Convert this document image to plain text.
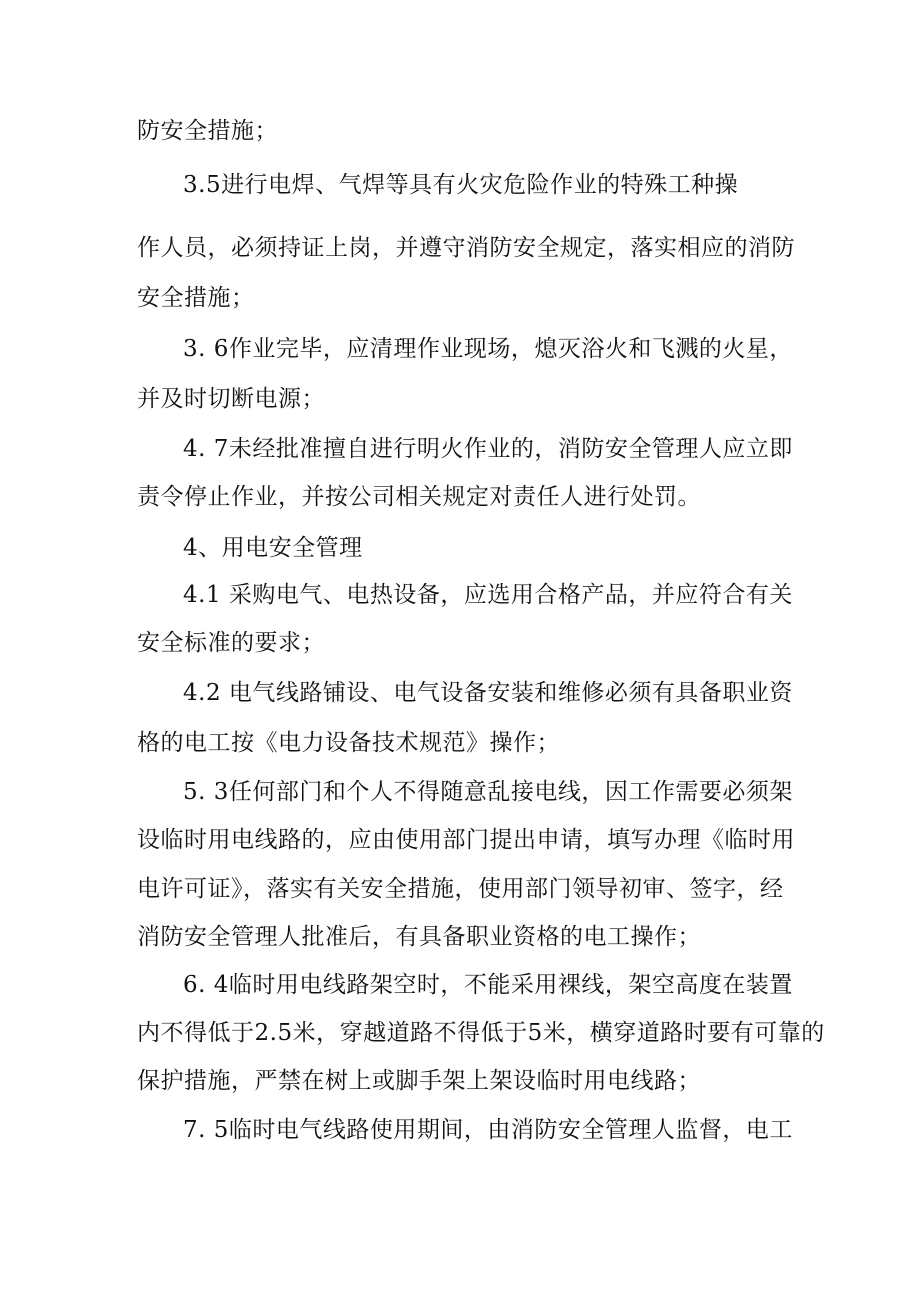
防安全措施；
3.5进行电焊、气焊等具有火灾危险作业的特殊工种操
作人员，必须持证上岗，并遵守消防安全规定，落实相应的消防
安全措施；
3. 6作业完毕，应清理作业现场，熄灭浴火和飞溅的火星，
并及时切断电源；
4. 7未经批准擅自进行明火作业的，消防安全管理人应立即
责令停止作业，并按公司相关规定对责任人进行处罚。
4、用电安全管理
4.1 采购电气、电热设备，应选用合格产品，并应符合有关
安全标准的要求；
4.2 电气线路铺设、电气设备安装和维修必须有具备职业资
格的电工按《电力设备技术规范》操作；
5. 3任何部门和个人不得随意乱接电线，因工作需要必须架
设临时用电线路的，应由使用部门提出申请，填写办理《临时用
电许可证》，落实有关安全措施，使用部门领导初审、签字，经
消防安全管理人批准后，有具备职业资格的电工操作；
6. 4临时用电线路架空时，不能采用裸线，架空高度在装置
内不得低于2.5米，穿越道路不得低于5米，横穿道路时要有可靠的
保护措施，严禁在树上或脚手架上架设临时用电线路；
7. 5临时电气线路使用期间，由消防安全管理人监督，电工
